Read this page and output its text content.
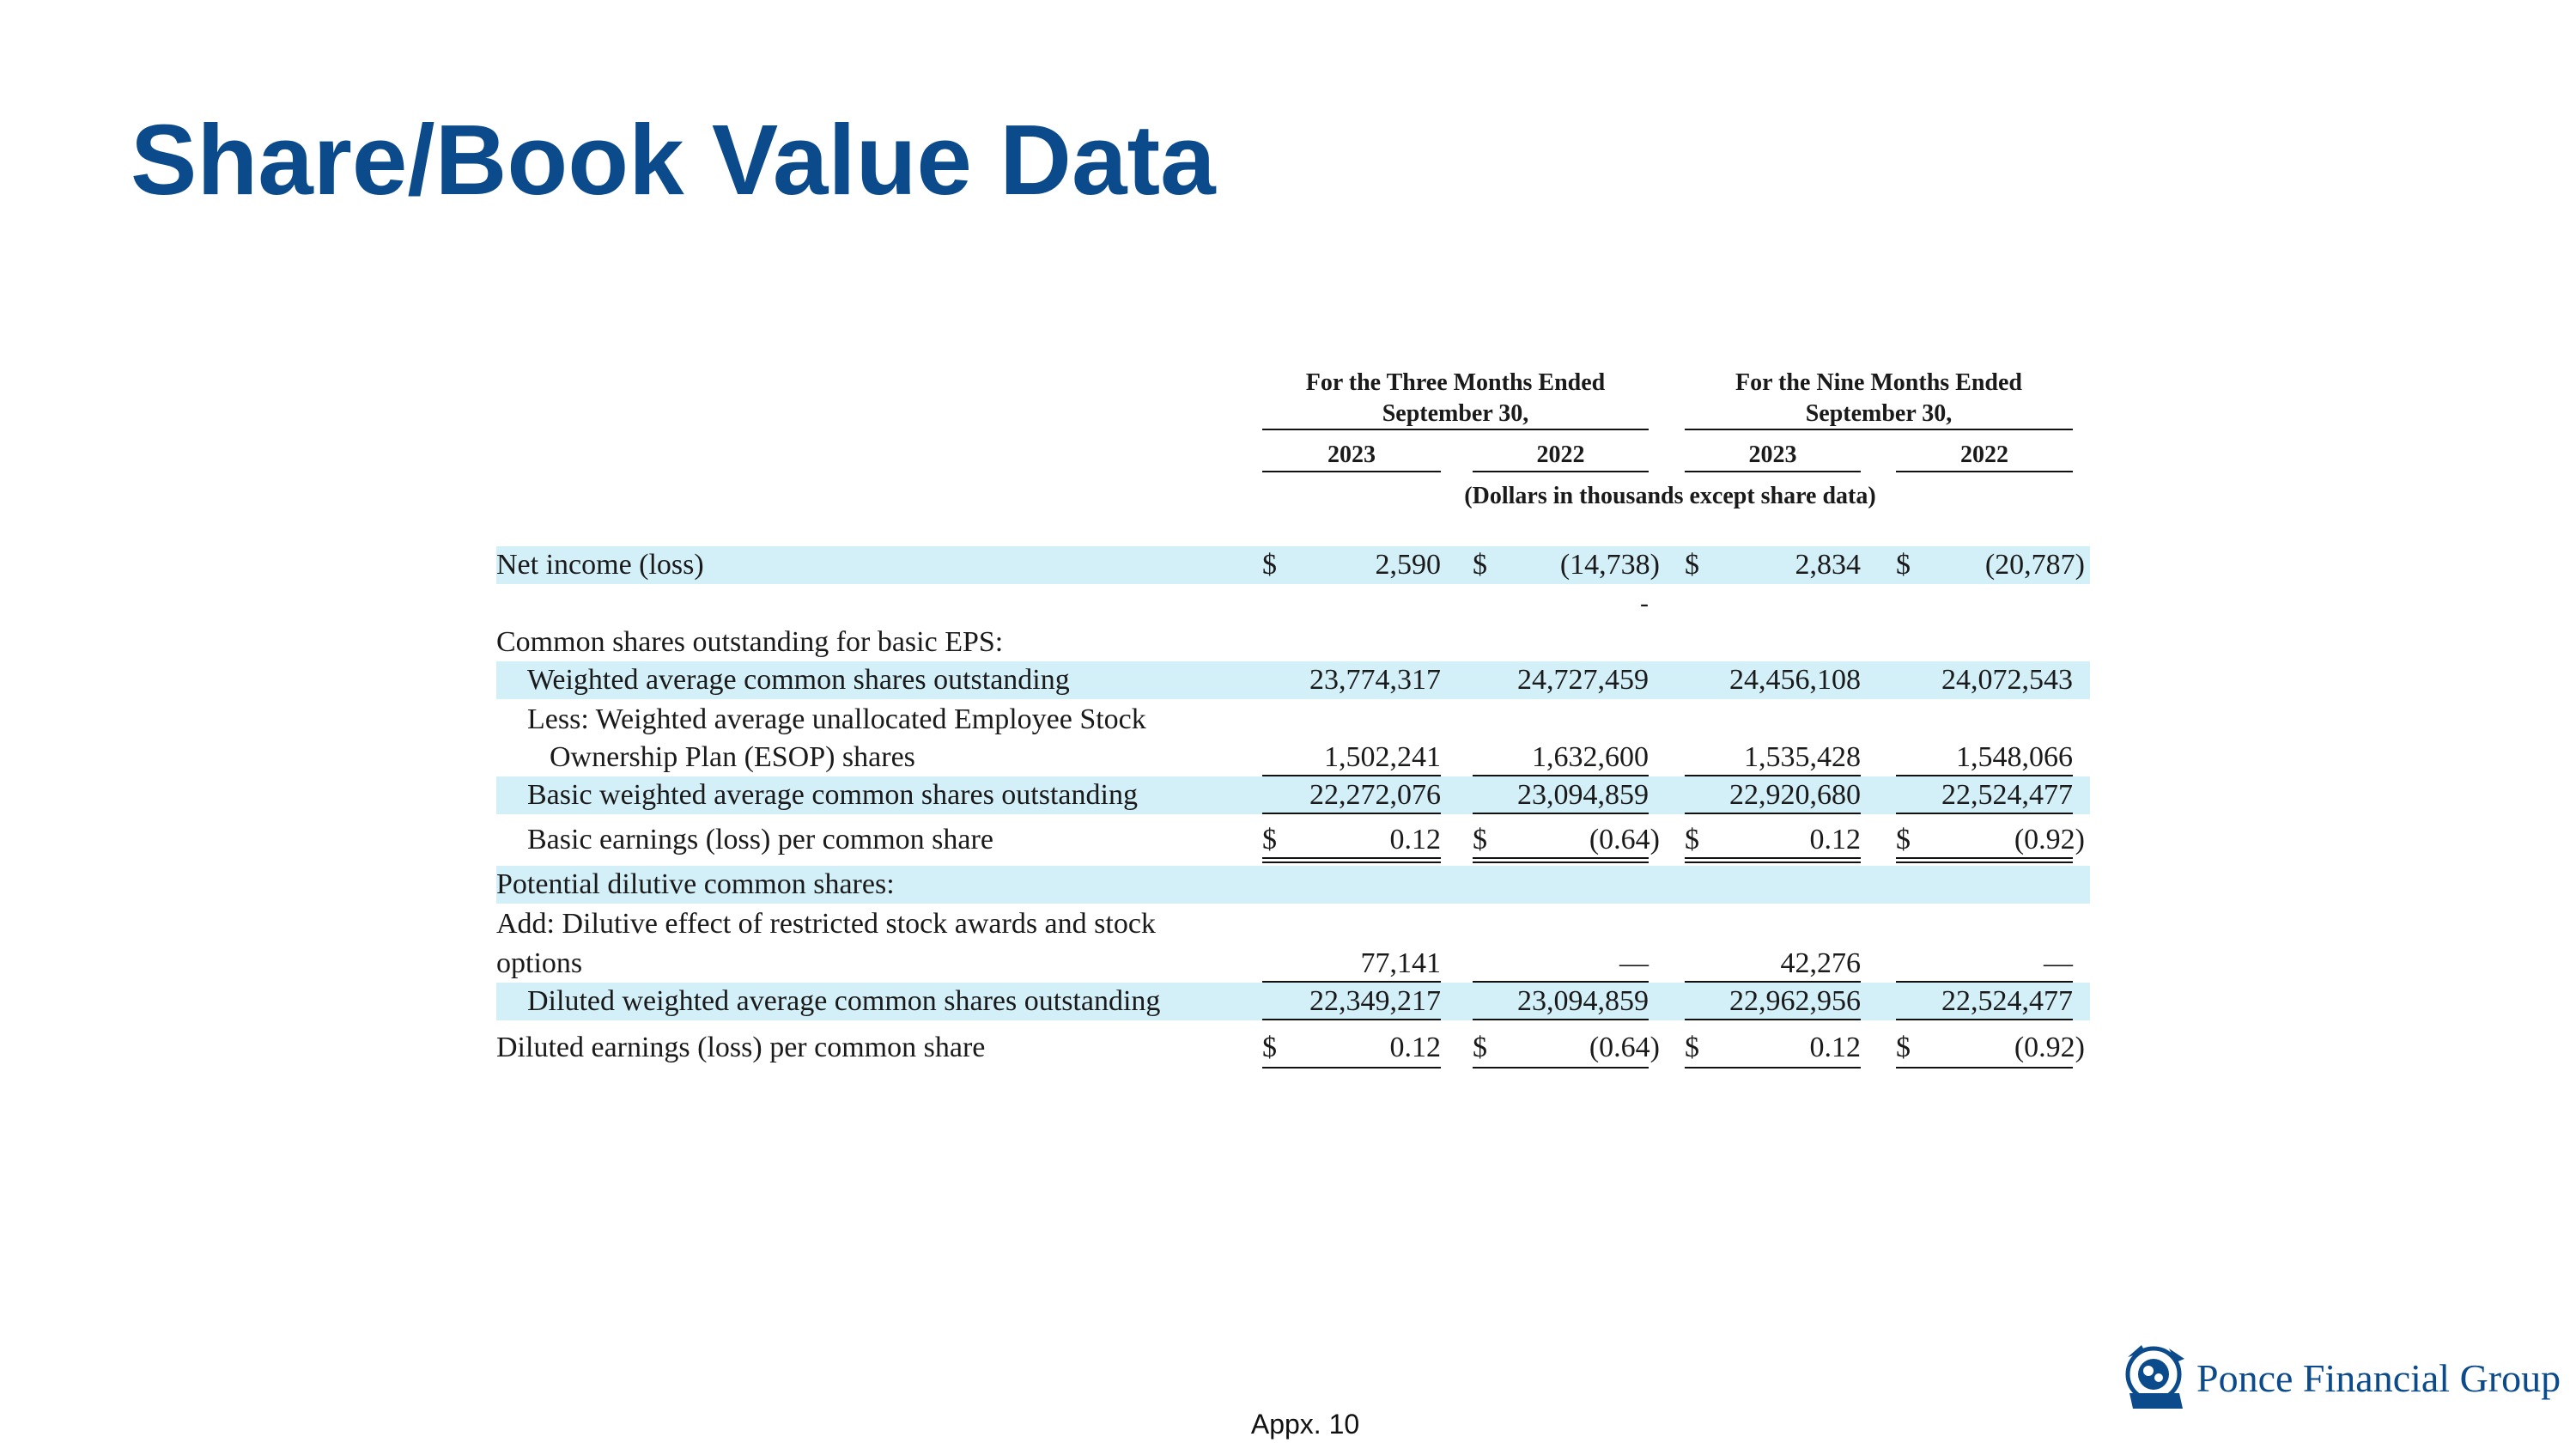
Share/Book Value Data
For the Three Months Ended
September 30,
For the Nine Months Ended
September 30,
2023	2022	2023	2022
(Dollars in thousands except share data)
Net income (loss)	$	2,590 $	(14,738) $	2,834 $	(20,787)
-
Common shares outstanding for basic EPS:
Weighted average common shares outstanding	23,774,317	24,727,459	24,456,108	24,072,543
Less: Weighted average unallocated Employee Stock
Ownership Plan (ESOP) shares	1,502,241	1,632,600	1,535,428	1,548,066
Basic weighted average common shares outstanding	22,272,076	23,094,859	22,920,680	22,524,477
Basic earnings (loss) per common share	$	0.12 $	(0.64) $	0.12 $	(0.92)
Potential dilutive common shares:
Add: Dilutive effect of restricted stock awards and stock
options	77,141	—	42,276	—
Diluted weighted average common shares outstanding	22,349,217	23,094,859	22,962,956	22,524,477
Diluted earnings (loss) per common share	$	0.12 $	(0.64) $	0.12 $	(0.92)
Appx. 10
Ponce Financial Group
